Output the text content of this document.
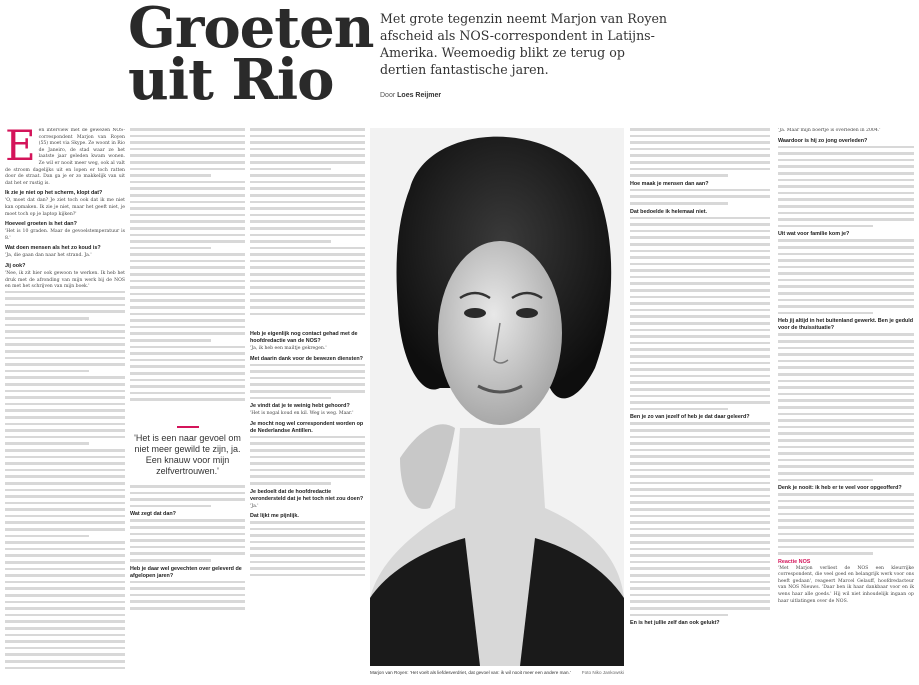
Groeten uit Rio
Met grote tegenzin neemt Marjon van Royen afscheid als NOS-correspondent in Latijns-Amerika. Weemoedig blikt ze terug op dertien fantastische jaren.
Door Loes Reijmer

Een interview met de gewezen NOS-correspondent Marjon van Royen (55) moet via Skype. Ze woont in Rio de Janeiro, de stad waar ze het laatste jaar geleden kwam wonen. Ze wil er nooit meer weg, ook al valt de stroom dagelijks uit en lopen er toch ratten door de straat. Dan ga je er zo makkelijk van uit dat het er rustig is.

Ik zie je niet op het scherm, klopt dat?

'O, moet dat dan? Je ziet toch ook dat ik me niet kan opmaken. Ik zie je niet, maar het geeft niet, je moet toch op je laptop kijken?'

Hoeveel groeten is het dan?

'Het is 10 graden. Maar de gevoelstemperatuur is 8.'

Wat doen mensen als het zo koud is?

'Ja, die gaan dan naar het strand. Ja.'

Jij ook?

'Nee, ik zit hier ook gewoon te werken. Ik heb het druk met de afronding van mijn werk bij de NOS en met het schrijven van mijn boek.'

'Het is een naar gevoel om niet meer gewild te zijn, ja. Een knauw voor mijn zelfvertrouwen.'

Wat zegt dat dan?

Heb je daar wel gevechten over geleverd de afgelopen jaren?

Heb je eigenlijk nog contact gehad met de hoofdredactie van de NOS?

'Ja, ik heb een mailtje gekregen.'

Met daarin dank voor de bewezen diensten?

Je vindt dat je te weinig hebt gehoord?

'Het is nogal koud en kil. Weg is weg. Maar.'

Je mocht nog wel correspondent worden op de Nederlandse Antillen.

Je bedoelt dat de hoofdredactie verondersteld dat je het toch niet zou doen?

'Ja.'

Dat lijkt me pijnlijk.

Foto Niko Jankowski
Marjon van Royen: 'Het voelt als liefdesverdriet, dat gevoel van: ik wil nooit meer een andere man.'

Hoe maak je mensen dan aan?

Dat bedoelde ik helemaal niet.

Ben je zo van jezelf of heb je dat daar geleerd?

En is het jullie zelf dan ook gelukt?

'Ja. Maar mijn boertje is overleden in 2004.'

Waardoor is hij zo jong overleden?

Uit wat voor familie kom je?

Heb jij altijd in het buitenland gewerkt. Ben je geduld voor de thuissituatie?

Denk je nooit: ik heb er te veel voor opgeofferd?

Reactie NOS

'Met Marjon verliest de NOS een kleurrijke correspondent, die veel goed en belangrijk werk voor ons heeft gedaan', reageert Marcel Gelauff, hoofdredacteur van NOS Nieuws. 'Daar ben ik haar dankbaar voor en ik wens haar alle goeds.' Hij wil niet inhoudelijk ingaan op haar uitlatingen over de NOS.
